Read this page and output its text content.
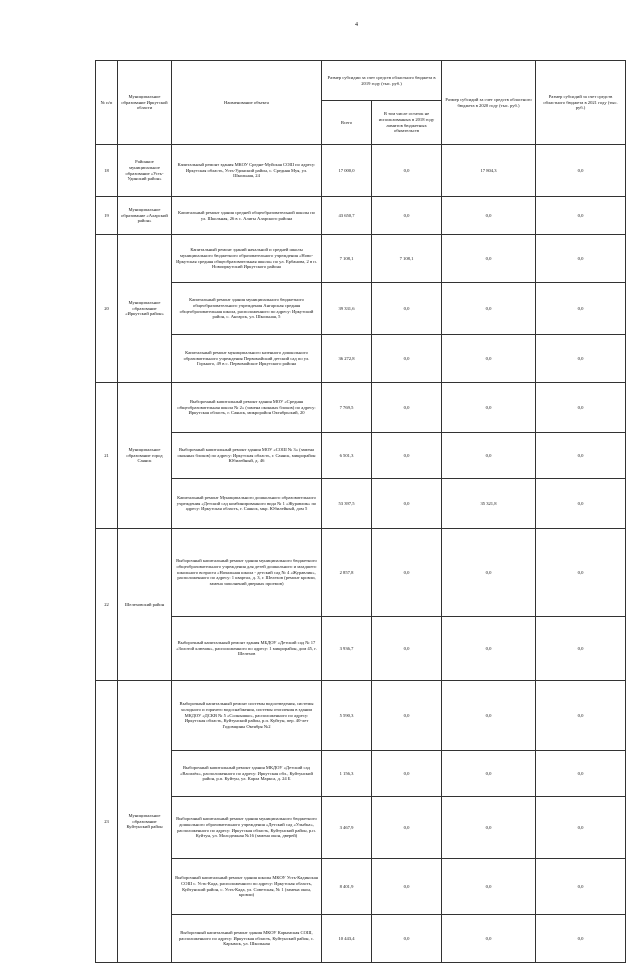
4
№ п/п	Муниципальное образование Иркутской области	Наименование объекта	Размер субсидии за счет средств областного бюджета в 2019 году (тыс. руб.)		Размер субсидий за счет средств областного бюджета в 2020 году (тыс. руб.)	Размер субсидий за счет средств областного бюджета в 2021 году (тыс. руб.)
			Всего	В том числе остаток не использованных в 2018 году лимитов бюджетных обязательств		
18	Районное муниципальное образование «Усть-Удинский район»	Капитальный ремонт здания МКОУ Средне-Муйская СОШ по адресу: Иркутская область, Усть-Удинский район, с. Средняя Муя, ул. Школьная, 24	17 000,0	0,0	17 804,3	0,0
19	Муниципальное образование «Аларский район»	Капитальный ремонт здания средней общеобразовательной школы по ул. Школьная, 26 в с. Аляты Аларского района	43 650,7	0,0	0,0	0,0
20	Муниципальное образование «Иркутский район»	Капитальный ремонт зданий начальной и средней школы муниципального бюджетного образовательного учреждения «Ново-Иркутская средняя общеобразовательная школа» по ул. Ербанова, 2 в п. Новоиркутский Иркутского района	7 108,1	7 108,1	0,0	0,0
		Капитальный ремонт здания муниципального бюджетного общеобразовательного учреждения Ангарская средняя общеобразовательная школа, расположенного по адресу: Иркутский район, с. Ангарск, ул. Школьная, 5	39 331,6	0,0	0,0	0,0
		Капитальный ремонт муниципального казенного дошкольного образовательного учреждения Первомайский детский сад по ул. Горького, 49 в с. Первомайское Иркутского района	36 272,8	0,0	0,0	0,0
21	Муниципальное образование город Саянск	Выборочный капитальный ремонт здания МОУ «Средняя общеобразовательная школа № 2» (замена оконных блоков) по адресу: Иркутская область, г. Саянск, микрорайон Октябрьский, 20	7 769,5	0,0	0,0	0,0
		Выборочный капитальный ремонт здания МОУ «СОШ № 3» (замена оконных блоков) по адресу: Иркутская область, г. Саянск, микрорайон Юбилейный, д. 46	6 501,3	0,0	0,0	0,0
		Капитальный ремонт Муниципального дошкольного образовательного учреждения «Детский сад комбинированного вида № 1 «Журавлик» по адресу: Иркутская область, г. Саянск, мкр. Юбилейный, дом 5	53 397,5	0,0	35 321,8	0,0
22	Шелеховский район	Выборочный капитальный ремонт здания муниципального бюджетного общеобразовательного учреждения для детей дошкольного и младшего школьного возраста «Начальная школа - детский сад № 4 «Журавлик», расположенного по адресу: 1 квартал, д. 3, г. Шелехов (ремонт кровли, замена заполнений дверных проемов)	2 857,8	0,0	0,0	0,0
		Выборочный капитальный ремонт здания МБДОУ «Детский сад № 17 «Золотой ключик», расположенного по адресу: 1 микрорайон, дом 45, г. Шелехов	3 936,7	0,0	0,0	0,0
23	Муниципальное образование Куйтунский район	Выборочный капитальный ремонт системы водоотведения, системы холодного и горячего водоснабжения, системы отопления в здании МКДОУ «ДСКВ № 5 «Солнышко», расположенного по адресу: Иркутская область, Куйтунский район, р.п. Куйтун, пер. 40-лет Годовщины Октября №2	5 590,3	0,0	0,0	0,0
		Выборочный капитальный ремонт здания МКДОУ «Детский сад «Василёк», расположенного по адресу: Иркутская обл., Куйтунский район, р.п. Куйтун, ул. Карла Маркса, д. 24 Б	1 156,3	0,0	0,0	0,0
		Выборочный капитальный ремонт здания муниципального бюджетного дошкольного образовательного учреждения «Детский сад «Улыбка», расположенного по адресу: Иркутская область, Куйтунский район, р.п. Куйтун, ул. Молодежная №16 (замена окон, дверей)	3 467,9	0,0	0,0	0,0
		Выборочный капитальный ремонт здания школы МКОУ Усть-Кадинская СОШ с. Усть-Када, расположенного по адресу: Иркутская область, Куйтунский район, с. Усть-Када, ул. Советская, № 1 (замена окон, кровли)	8 401,9	0,0	0,0	0,0
		Выборочный капитальный ремонт здания МКОУ Карымская СОШ, расположенного по адресу: Иркутская область, Куйтунский район, с. Карымск, ул. Школьная	10 443,4	0,0	0,0	0,0
